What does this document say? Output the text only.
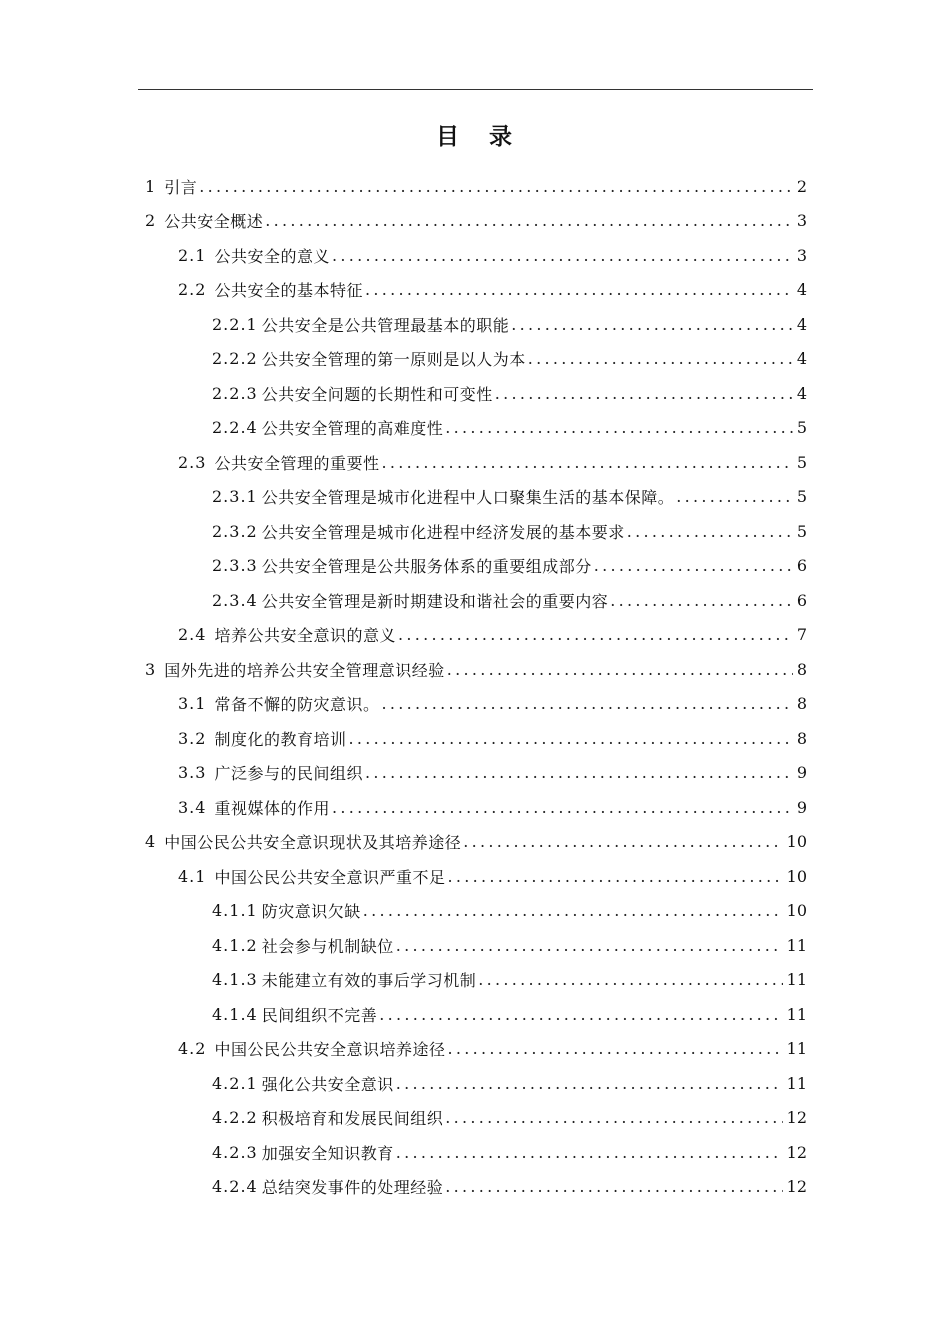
目 录
1 引言 .....	2
2 公共安全概述 .....	3
2.1 公共安全的意义 .....	3
2.2 公共安全的基本特征 .....	4
2.2.1 公共安全是公共管理最基本的职能 .....	4
2.2.2 公共安全管理的第一原则是以人为本 .....	4
2.2.3 公共安全问题的长期性和可变性 .....	4
2.2.4 公共安全管理的高难度性 .....	5
2.3 公共安全管理的重要性 .....	5
2.3.1 公共安全管理是城市化进程中人口聚集生活的基本保障。 .....	5
2.3.2 公共安全管理是城市化进程中经济发展的基本要求 .....	5
2.3.3 公共安全管理是公共服务体系的重要组成部分 .....	6
2.3.4 公共安全管理是新时期建设和谐社会的重要内容 .....	6
2.4 培养公共安全意识的意义 .....	7
3 国外先进的培养公共安全管理意识经验 .....	8
3.1 常备不懈的防灾意识。 .....	8
3.2 制度化的教育培训 .....	8
3.3 广泛参与的民间组织 .....	9
3.4 重视媒体的作用 .....	9
4 中国公民公共安全意识现状及其培养途径 .....	10
4.1 中国公民公共安全意识严重不足 .....	10
4.1.1 防灾意识欠缺 .....	10
4.1.2 社会参与机制缺位 .....	11
4.1.3 未能建立有效的事后学习机制 .....	11
4.1.4 民间组织不完善 .....	11
4.2 中国公民公共安全意识培养途径 .....	11
4.2.1 强化公共安全意识 .....	11
4.2.2 积极培育和发展民间组织 .....	12
4.2.3 加强安全知识教育 .....	12
4.2.4 总结突发事件的处理经验 .....	12
